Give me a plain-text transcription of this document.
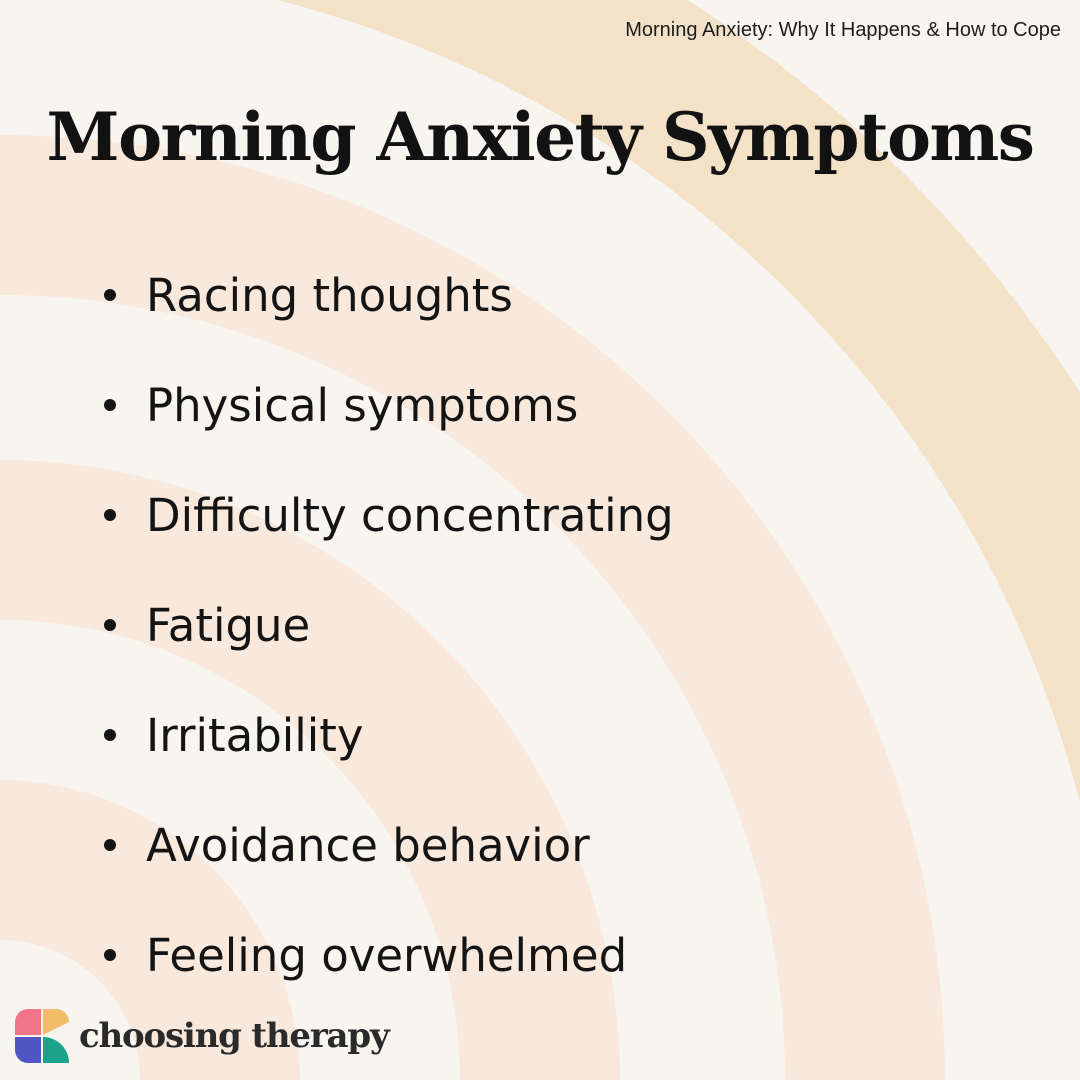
Morning Anxiety: Why It Happens & How to Cope
Morning Anxiety Symptoms
Racing thoughts
Physical symptoms
Difficulty concentrating
Fatigue
Irritability
Avoidance behavior
Feeling overwhelmed
choosing therapy
